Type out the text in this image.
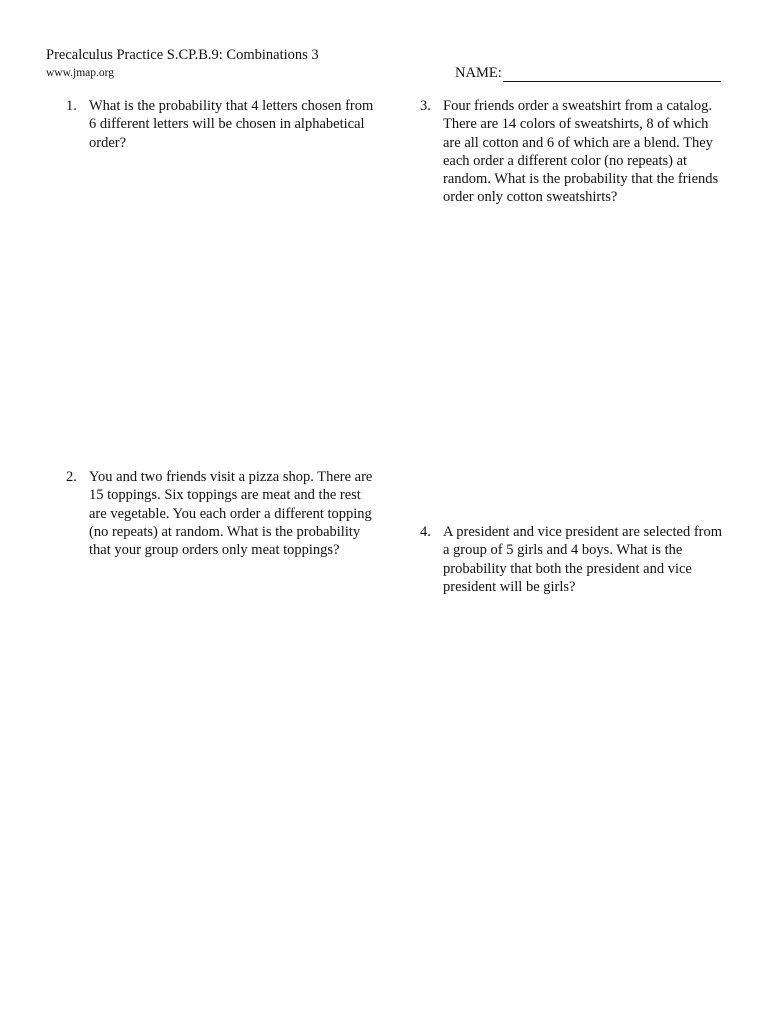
Precalculus Practice S.CP.B.9: Combinations 3
www.jmap.org	NAME:
1. What is the probability that 4 letters chosen from 6 different letters will be chosen in alphabetical order?
2. You and two friends visit a pizza shop. There are 15 toppings. Six toppings are meat and the rest are vegetable. You each order a different topping (no repeats) at random. What is the probability that your group orders only meat toppings?
3. Four friends order a sweatshirt from a catalog. There are 14 colors of sweatshirts, 8 of which are all cotton and 6 of which are a blend. They each order a different color (no repeats) at random. What is the probability that the friends order only cotton sweatshirts?
4. A president and vice president are selected from a group of 5 girls and 4 boys. What is the probability that both the president and vice president will be girls?
